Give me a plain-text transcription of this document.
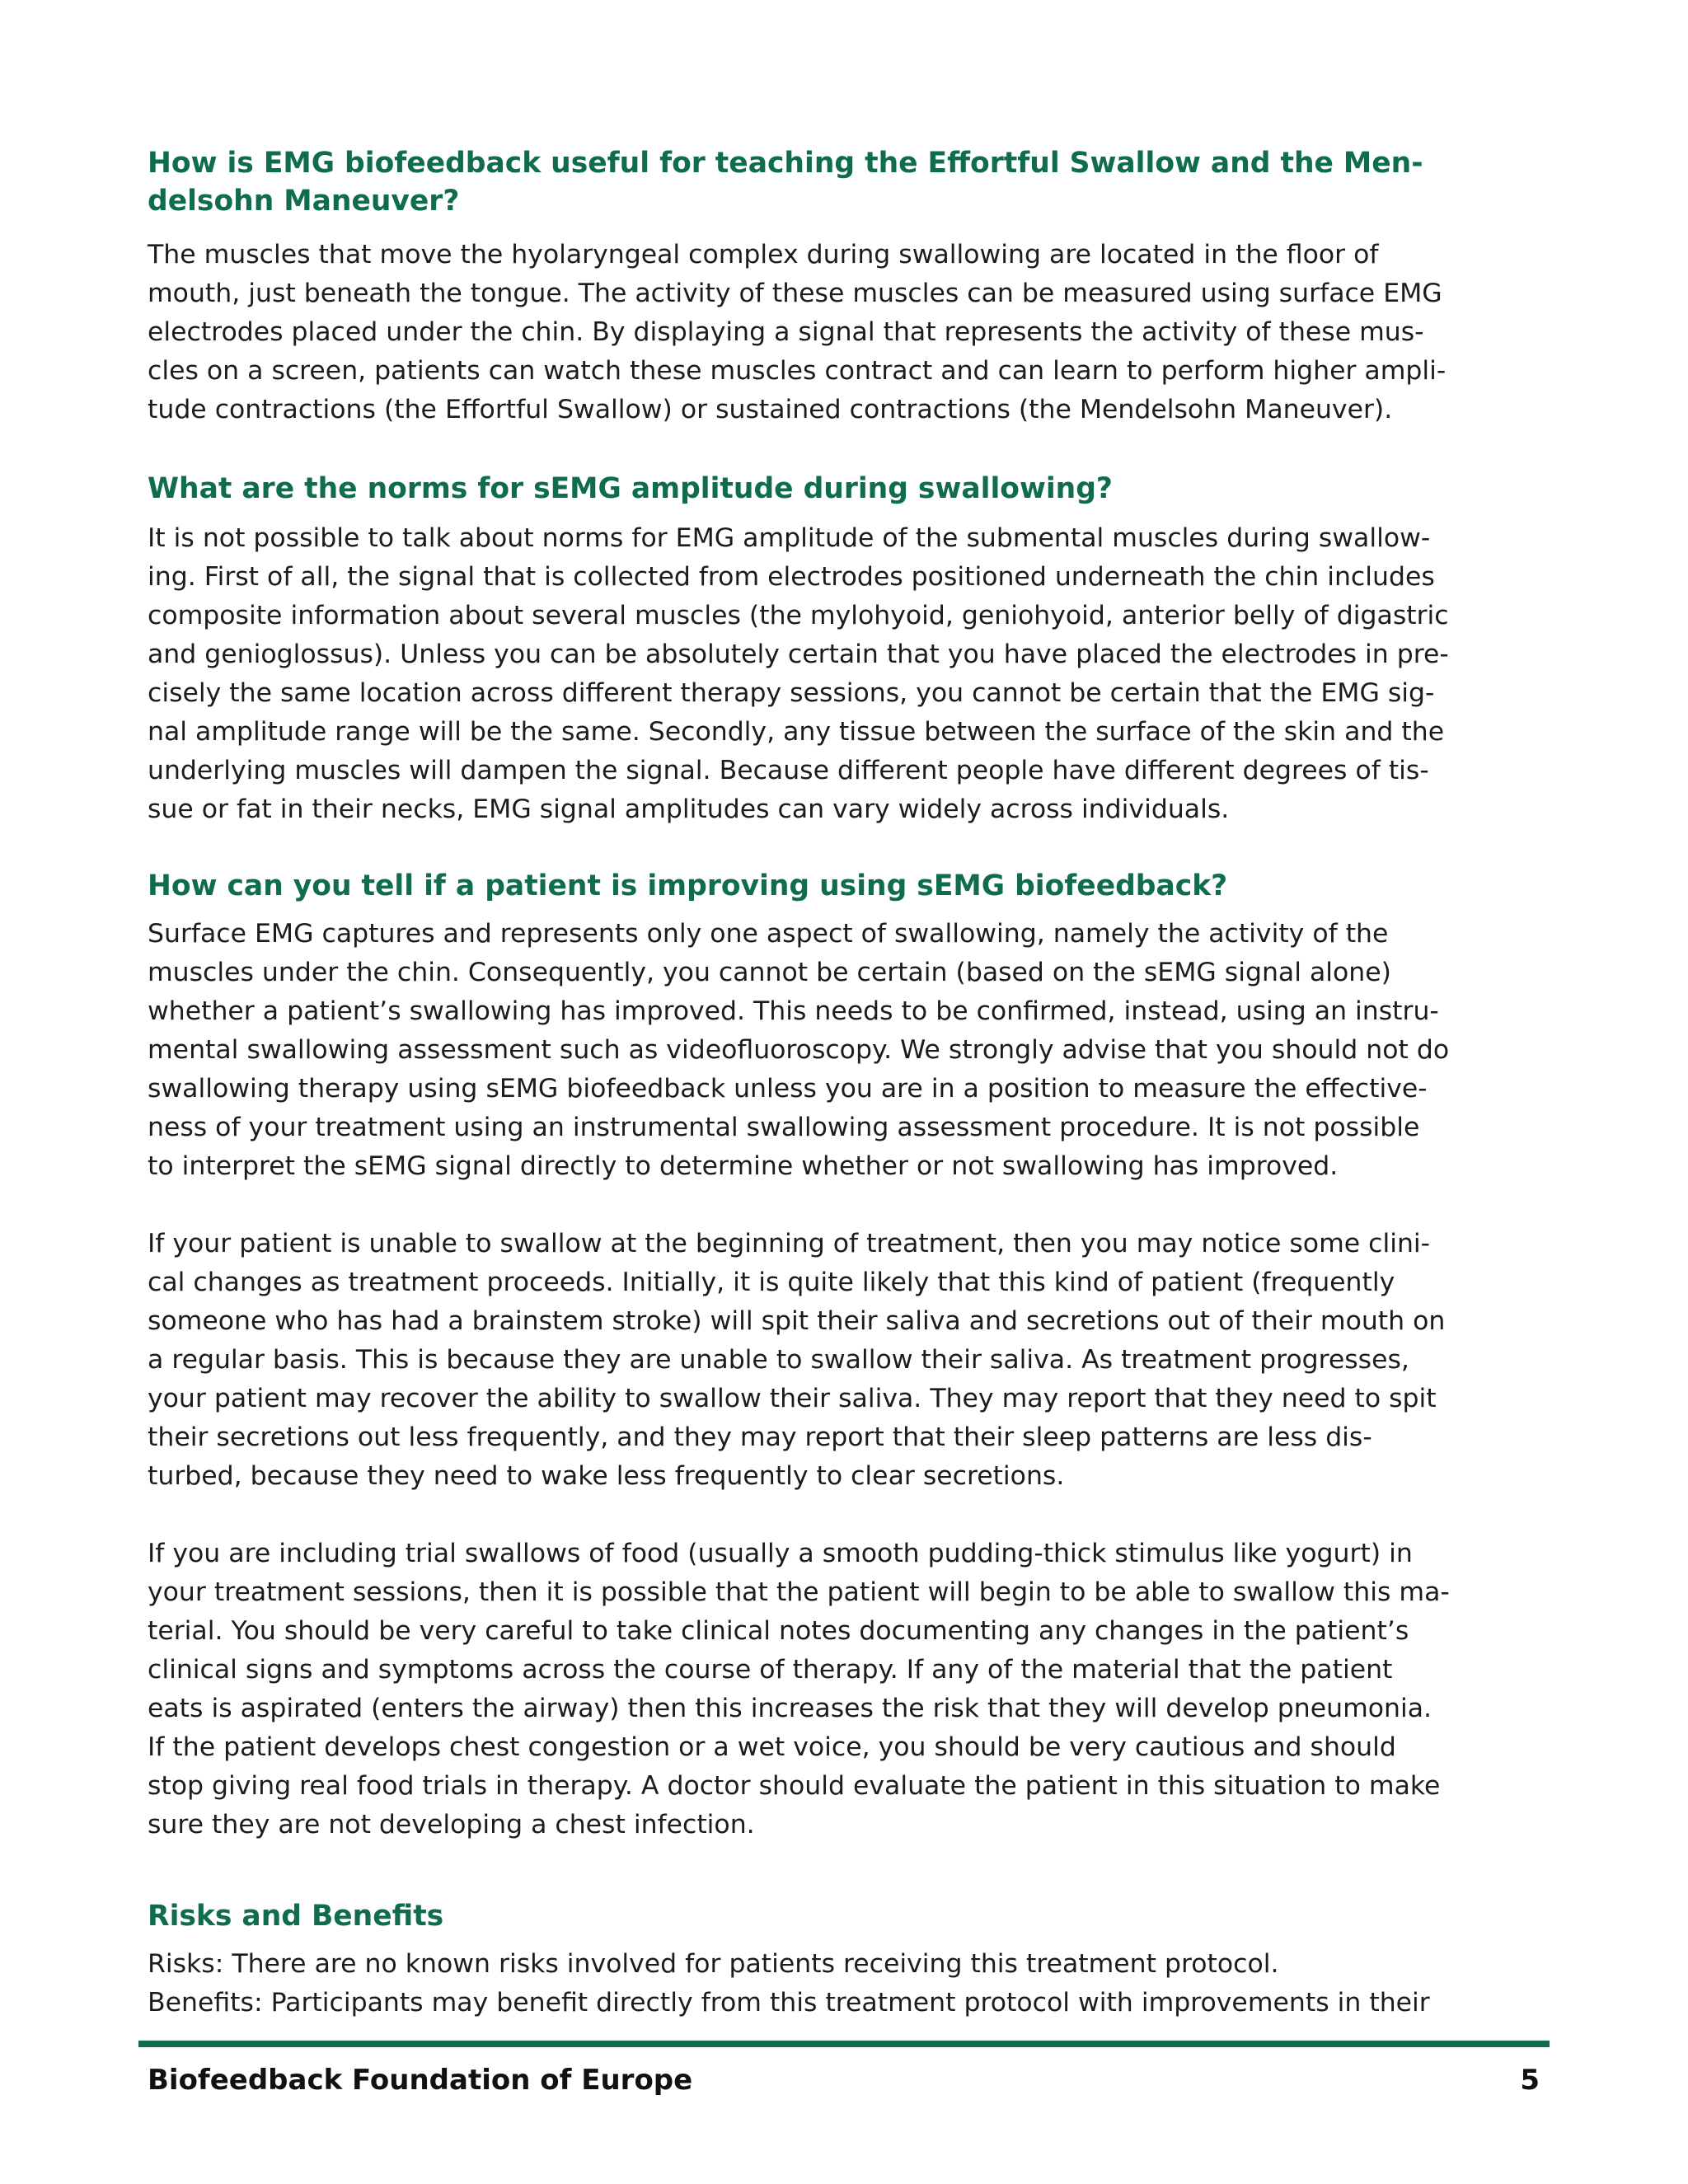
How is EMG biofeedback useful for teaching the Effortful Swallow and the Men-
delsohn Maneuver?

The muscles that move the hyolaryngeal complex during swallowing are located in the floor of
mouth, just beneath the tongue. The activity of these muscles can be measured using surface EMG
electrodes placed under the chin. By displaying a signal that represents the activity of these mus-
cles on a screen, patients can watch these muscles contract and can learn to perform higher ampli-
tude contractions (the Effortful Swallow) or sustained contractions (the Mendelsohn Maneuver).

What are the norms for sEMG amplitude during swallowing?

It is not possible to talk about norms for EMG amplitude of the submental muscles during swallow-
ing. First of all, the signal that is collected from electrodes positioned underneath the chin includes
composite information about several muscles (the mylohyoid, geniohyoid, anterior belly of digastric
and genioglossus). Unless you can be absolutely certain that you have placed the electrodes in pre-
cisely the same location across different therapy sessions, you cannot be certain that the EMG sig-
nal amplitude range will be the same. Secondly, any tissue between the surface of the skin and the
underlying muscles will dampen the signal. Because different people have different degrees of tis-
sue or fat in their necks, EMG signal amplitudes can vary widely across individuals.

How can you tell if a patient is improving using sEMG biofeedback?

Surface EMG captures and represents only one aspect of swallowing, namely the activity of the
muscles under the chin. Consequently, you cannot be certain (based on the sEMG signal alone)
whether a patient’s swallowing has improved. This needs to be confirmed, instead, using an instru-
mental swallowing assessment such as videofluoroscopy. We strongly advise that you should not do
swallowing therapy using sEMG biofeedback unless you are in a position to measure the effective-
ness of your treatment using an instrumental swallowing assessment procedure. It is not possible
to interpret the sEMG signal directly to determine whether or not swallowing has improved.

If your patient is unable to swallow at the beginning of treatment, then you may notice some clini-
cal changes as treatment proceeds. Initially, it is quite likely that this kind of patient (frequently
someone who has had a brainstem stroke) will spit their saliva and secretions out of their mouth on
a regular basis. This is because they are unable to swallow their saliva. As treatment progresses,
your patient may recover the ability to swallow their saliva. They may report that they need to spit
their secretions out less frequently, and they may report that their sleep patterns are less dis-
turbed, because they need to wake less frequently to clear secretions.

If you are including trial swallows of food (usually a smooth pudding-thick stimulus like yogurt) in
your treatment sessions, then it is possible that the patient will begin to be able to swallow this ma-
terial. You should be very careful to take clinical notes documenting any changes in the patient’s
clinical signs and symptoms across the course of therapy. If any of the material that the patient
eats is aspirated (enters the airway) then this increases the risk that they will develop pneumonia.
If the patient develops chest congestion or a wet voice, you should be very cautious and should
stop giving real food trials in therapy. A doctor should evaluate the patient in this situation to make
sure they are not developing a chest infection.

Risks and Benefits

Risks: There are no known risks involved for patients receiving this treatment protocol.
Benefits: Participants may benefit directly from this treatment protocol with improvements in their

Biofeedback Foundation of Europe	5
